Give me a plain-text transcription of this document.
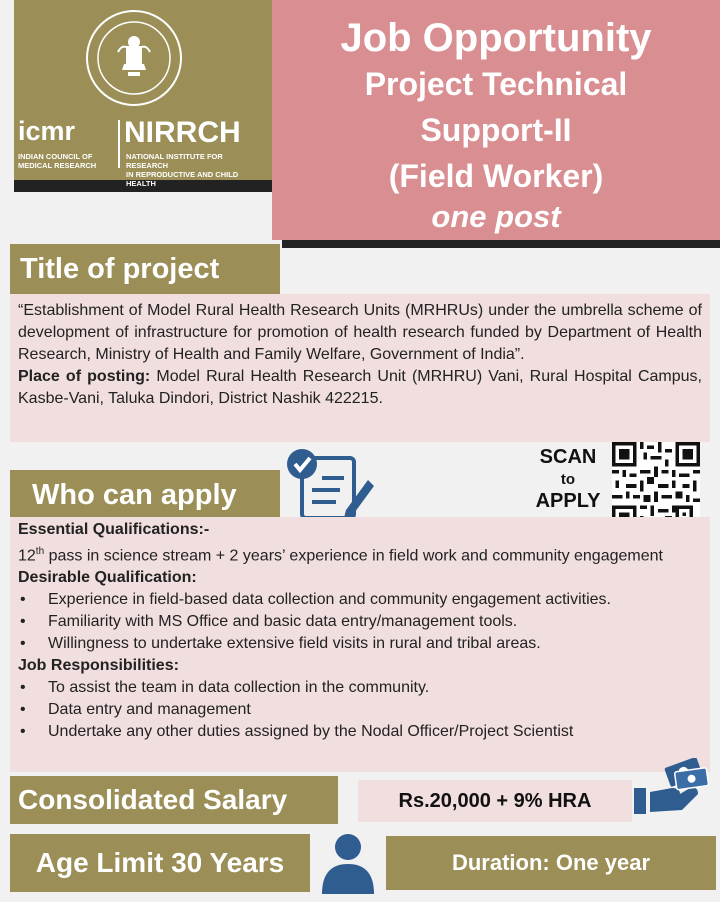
icmr NIRRCH
INDIAN COUNCIL OF
MEDICAL RESEARCH
NATIONAL INSTITUTE FOR RESEARCH
IN REPRODUCTIVE AND CHILD HEALTH
Job Opportunity
Project Technical
Support-II
(Field Worker)
one post
Title of project
“Establishment of Model Rural Health Research Units (MRHRUs) under the umbrella scheme of development of infrastructure for promotion of health research funded by Department of Health Research, Ministry of Health and Family Welfare, Government of India”.
Place of posting: Model Rural Health Research Unit (MRHRU) Vani, Rural Hospital Campus, Kasbe-Vani, Taluka Dindori, District Nashik 422215.
Who can apply
SCAN
to
APPLY
Essential Qualifications:-
12th pass in science stream + 2 years’ experience in field work and community engagement
Desirable Qualification:
• Experience in field-based data collection and community engagement activities.
• Familiarity with MS Office and basic data entry/management tools.
• Willingness to undertake extensive field visits in rural and tribal areas.
Job Responsibilities:
• To assist the team in data collection in the community.
• Data entry and management
• Undertake any other duties assigned by the Nodal Officer/Project Scientist
Consolidated Salary	Rs.20,000 + 9% HRA
Age Limit 30 Years	Duration: One year
